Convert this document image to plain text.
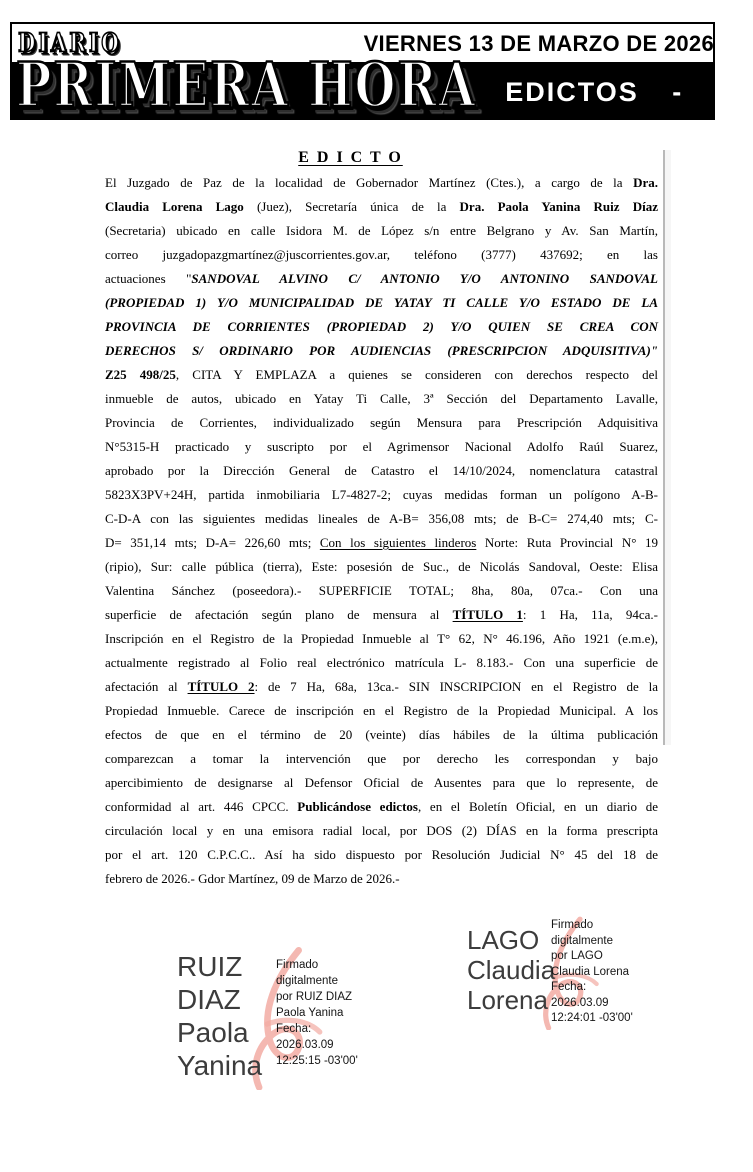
DIARIO
PRIMERA HORA
VIERNES 13 DE MARZO DE 2026
- EDICTOS -
E D I C T O
El Juzgado de Paz de la localidad de Gobernador Martínez (Ctes.), a cargo de la Dra.
Claudia Lorena Lago (Juez), Secretaría única de la Dra. Paola Yanina Ruiz Díaz
(Secretaria) ubicado en calle Isidora M. de López s/n entre Belgrano y Av. San Martín,
correo juzgadopazgmartínez@juscorrientes.gov.ar, teléfono (3777) 437692; en las
actuaciones "SANDOVAL ALVINO C/ ANTONIO Y/O ANTONINO SANDOVAL
(PROPIEDAD 1) Y/O MUNICIPALIDAD DE YATAY TI CALLE Y/O ESTADO DE LA
PROVINCIA DE CORRIENTES (PROPIEDAD 2) Y/O QUIEN SE CREA CON
DERECHOS S/ ORDINARIO POR AUDIENCIAS (PRESCRIPCION ADQUISITIVA)"
Z25 498/25, CITA Y EMPLAZA a quienes se consideren con derechos respecto del
inmueble de autos, ubicado en Yatay Ti Calle, 3ª Sección del Departamento Lavalle,
Provincia de Corrientes, individualizado según Mensura para Prescripción Adquisitiva
N°5315-H practicado y suscripto por el Agrimensor Nacional Adolfo Raúl Suarez,
aprobado por la Dirección General de Catastro el 14/10/2024, nomenclatura catastral
5823X3PV+24H, partida inmobiliaria L7-4827-2; cuyas medidas forman un polígono A-B-
C-D-A con las siguientes medidas lineales de A-B= 356,08 mts; de B-C= 274,40 mts; C-
D= 351,14 mts; D-A= 226,60 mts; Con los siguientes linderos Norte: Ruta Provincial N° 19
(ripio), Sur: calle pública (tierra), Este: posesión de Suc., de Nicolás Sandoval, Oeste: Elisa
Valentina Sánchez (poseedora).- SUPERFICIE TOTAL; 8ha, 80a, 07ca.- Con una
superficie de afectación según plano de mensura al TÍTULO 1: 1 Ha, 11a, 94ca.-
Inscripción en el Registro de la Propiedad Inmueble al T° 62, N° 46.196, Año 1921 (e.m.e),
actualmente registrado al Folio real electrónico matrícula L- 8.183.- Con una superficie de
afectación al TÍTULO 2: de 7 Ha, 68a, 13ca.- SIN INSCRIPCION en el Registro de la
Propiedad Inmueble. Carece de inscripción en el Registro de la Propiedad Municipal. A los
efectos de que en el término de 20 (veinte) días hábiles de la última publicación
comparezcan a tomar la intervención que por derecho les correspondan y bajo
apercibimiento de designarse al Defensor Oficial de Ausentes para que lo represente, de
conformidad al art. 446 CPCC. Publicándose edictos, en el Boletín Oficial, en un diario de
circulación local y en una emisora radial local, por DOS (2) DÍAS en la forma prescripta
por el art. 120 C.P.C.C.. Así ha sido dispuesto por Resolución Judicial N° 45 del 18 de
febrero de 2026.- Gdor Martínez, 09 de Marzo de 2026.-
RUIZ
DIAZ
Paola
Yanina
Firmado
digitalmente
por RUIZ DIAZ
Paola Yanina
Fecha:
2026.03.09
12:25:15 -03'00'
LAGO
Claudia
Lorena
Firmado
digitalmente
por LAGO
Claudia Lorena
Fecha:
2026.03.09
12:24:01 -03'00'
